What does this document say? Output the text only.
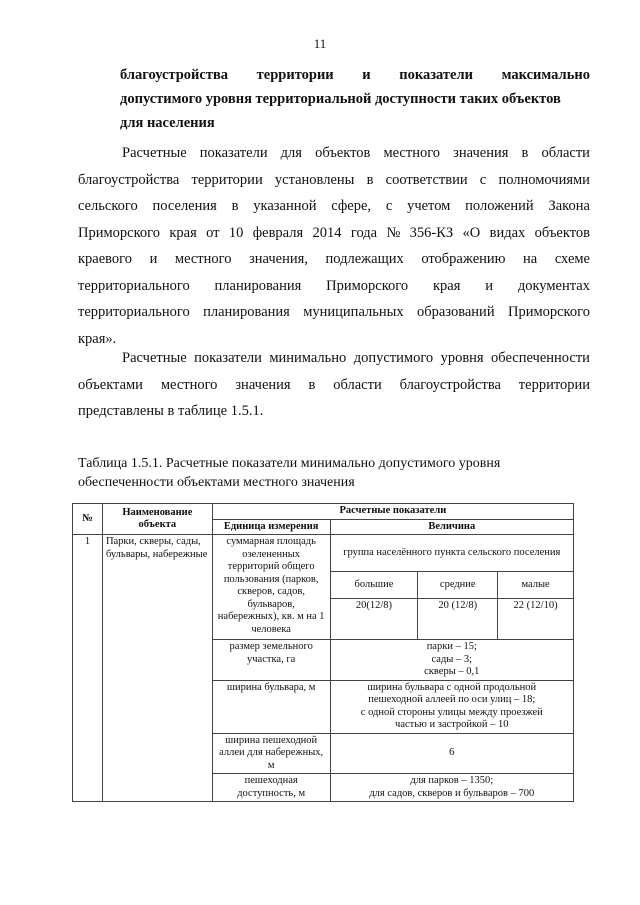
11
благоустройства территории и показатели максимально
допустимого уровня территориальной доступности таких объектов
для населения
Расчетные показатели для объектов местного значения в области
благоустройства территории установлены в соответствии с полномочиями
сельского поселения в указанной сфере, с учетом положений Закона
Приморского края от 10 февраля 2014 года № 356-КЗ «О видах объектов
краевого и местного значения, подлежащих отображению на схеме
территориального планирования Приморского края и документах
территориального планирования муниципальных образований Приморского
края».
Расчетные показатели минимально допустимого уровня обеспеченности
объектами местного значения в области благоустройства территории
представлены в таблице 1.5.1.
Таблица 1.5.1. Расчетные показатели минимально допустимого уровня
обеспеченности объектами местного значения
№	Наименование объекта	Расчетные показатели			
		Единица измерения	Величина		
1	Парки, скверы, сады, бульвары, набережные	суммарная площадь озелененных территорий общего пользования (парков, скверов, садов, бульваров, набережных), кв. м на 1 человека	группа населённого пункта сельского поселения		
			большие	средние	малые
			20(12/8)	20 (12/8)	22 (12/10)
		размер земельного участка, га	парки – 15;
сады – 3;
скверы – 0,1		

		ширина бульвара, м	ширина бульвара с одной продольной
пешеходной аллеей по оси улиц – 18;
с одной стороны улицы между проезжей
частью и застройкой – 10		

		ширина пешеходной аллеи для набережных, м	6		
		пешеходная доступность, м	для парков – 1350;
для садов, скверов и бульваров – 700		
